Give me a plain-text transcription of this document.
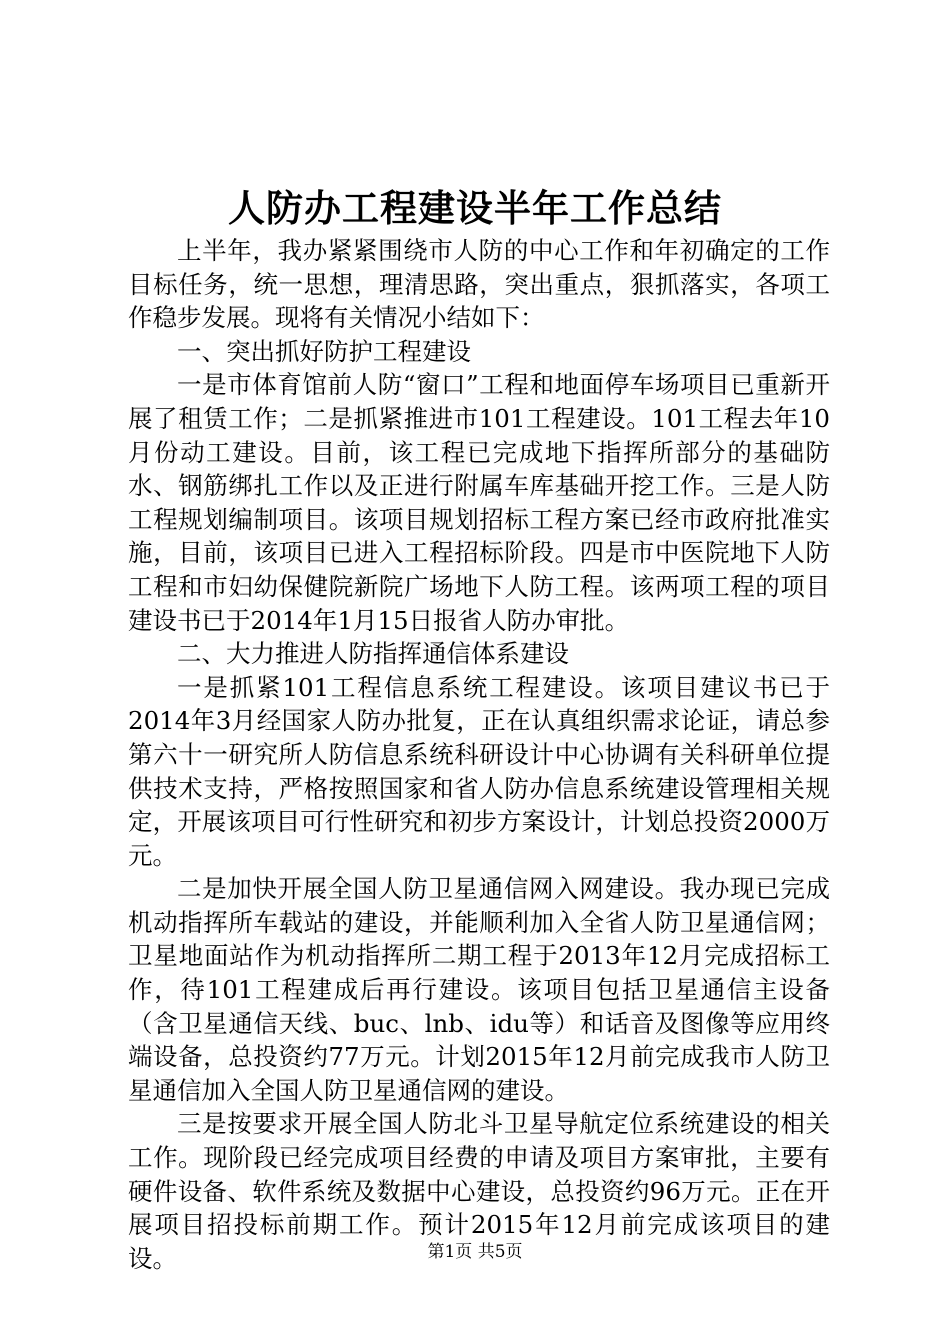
人防办工程建设半年工作总结

上半年，我办紧紧围绕市人防的中心工作和年初确定的工作目标任务，统一思想，理清思路，突出重点，狠抓落实，各项工作稳步发展。现将有关情况小结如下：

一、突出抓好防护工程建设

一是市体育馆前人防“窗口”工程和地面停车场项目已重新开展了租赁工作；二是抓紧推进市101工程建设。101工程去年10月份动工建设。目前，该工程已完成地下指挥所部分的基础防水、钢筋绑扎工作以及正进行附属车库基础开挖工作。三是人防工程规划编制项目。该项目规划招标工程方案已经市政府批准实施，目前，该项目已进入工程招标阶段。四是市中医院地下人防工程和市妇幼保健院新院广场地下人防工程。该两项工程的项目建设书已于2014年1月15日报省人防办审批。

二、大力推进人防指挥通信体系建设

一是抓紧101工程信息系统工程建设。该项目建议书已于2014年3月经国家人防办批复，正在认真组织需求论证，请总参第六十一研究所人防信息系统科研设计中心协调有关科研单位提供技术支持，严格按照国家和省人防办信息系统建设管理相关规定，开展该项目可行性研究和初步方案设计，计划总投资2000万元。

二是加快开展全国人防卫星通信网入网建设。我办现已完成机动指挥所车载站的建设，并能顺利加入全省人防卫星通信网；卫星地面站作为机动指挥所二期工程于2013年12月完成招标工作，待101工程建成后再行建设。该项目包括卫星通信主设备（含卫星通信天线、buc、lnb、idu等）和话音及图像等应用终端设备，总投资约77万元。计划2015年12月前完成我市人防卫星通信加入全国人防卫星通信网的建设。

三是按要求开展全国人防北斗卫星导航定位系统建设的相关工作。现阶段已经完成项目经费的申请及项目方案审批，主要有硬件设备、软件系统及数据中心建设，总投资约96万元。正在开展项目招投标前期工作。预计2015年12月前完成该项目的建设。	第1页 共5页
